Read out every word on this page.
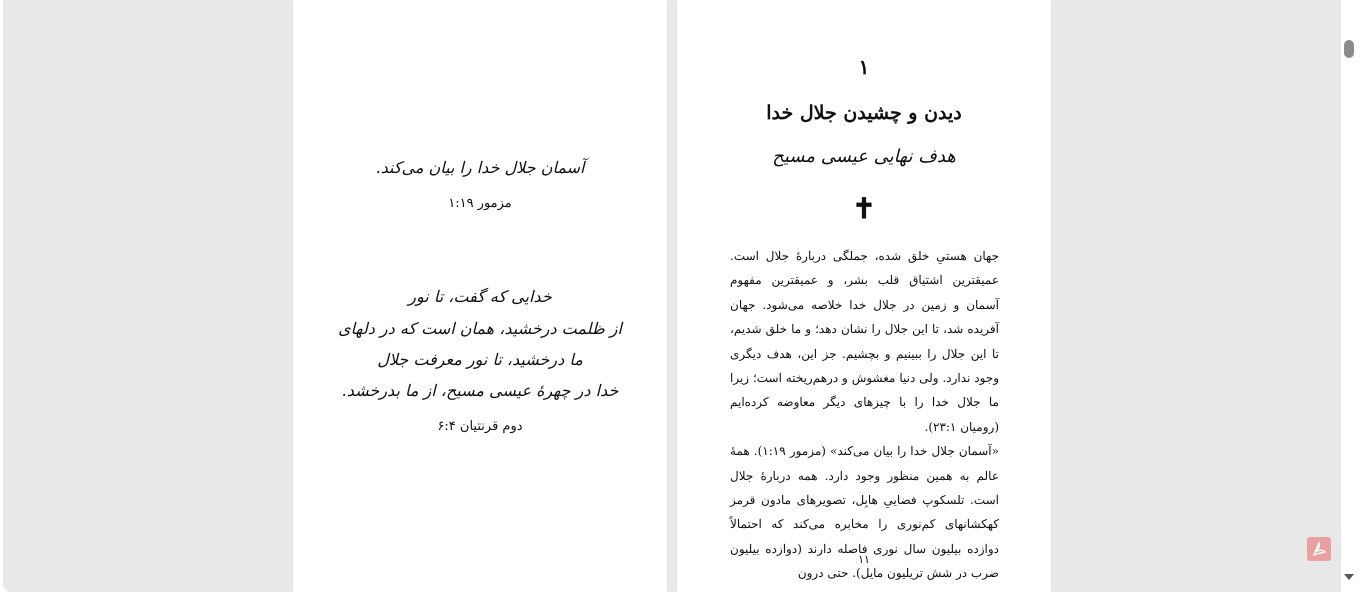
آسمان جلال خدا را بیان می‌کند.
مزمور ۱:۱۹
خدایی که گفت، تا نور
از ظلمت درخشید، همان است که در دلهای
ما درخشید، تا نور معرفت جلال
خدا در چهرهٔ عیسی مسیح، از ما بدرخشد.
دوم قرنتیان ۶:۴
۱
دیدن و چشیدن جلال خدا
هدف نهایی عیسی مسیح
✝

جهان هستیِ خلق شده، جملگی دربارهٔ جلال است. عمیقترین اشتیاق قلب بشر، و عمیقترین مفهوم آسمان و زمین در جلال خدا خلاصه می‌شود. جهان آفریده شد، تا این جلال را نشان دهد؛ و ما خلق شدیم، تا این جلال را ببینیم و بچشیم. جز این، هدف دیگری وجود ندارد. ولی دنیا مغشوش و درهم‌ریخته است؛ زیرا ما جلال خدا را با چیزهای دیگر معاوضه کرده‌ایم (رومیان ۲۳:۱).

«آسمان جلال خدا را بیان می‌کند» (مزمور ۱:۱۹). همهٔ عالم به همین منظور وجود دارد. همه دربارهٔ جلال است. تلسکوپ فضاییِ هابِل، تصویرهای مادون قرمز کهکشانهای کم‌نوری را مخابره می‌کند که احتمالاً دوازده بیلیون سال نوری فاصله دارند (دوازده بیلیون ضرب در شش تریلیون مایل). حتی درون

۱۱
